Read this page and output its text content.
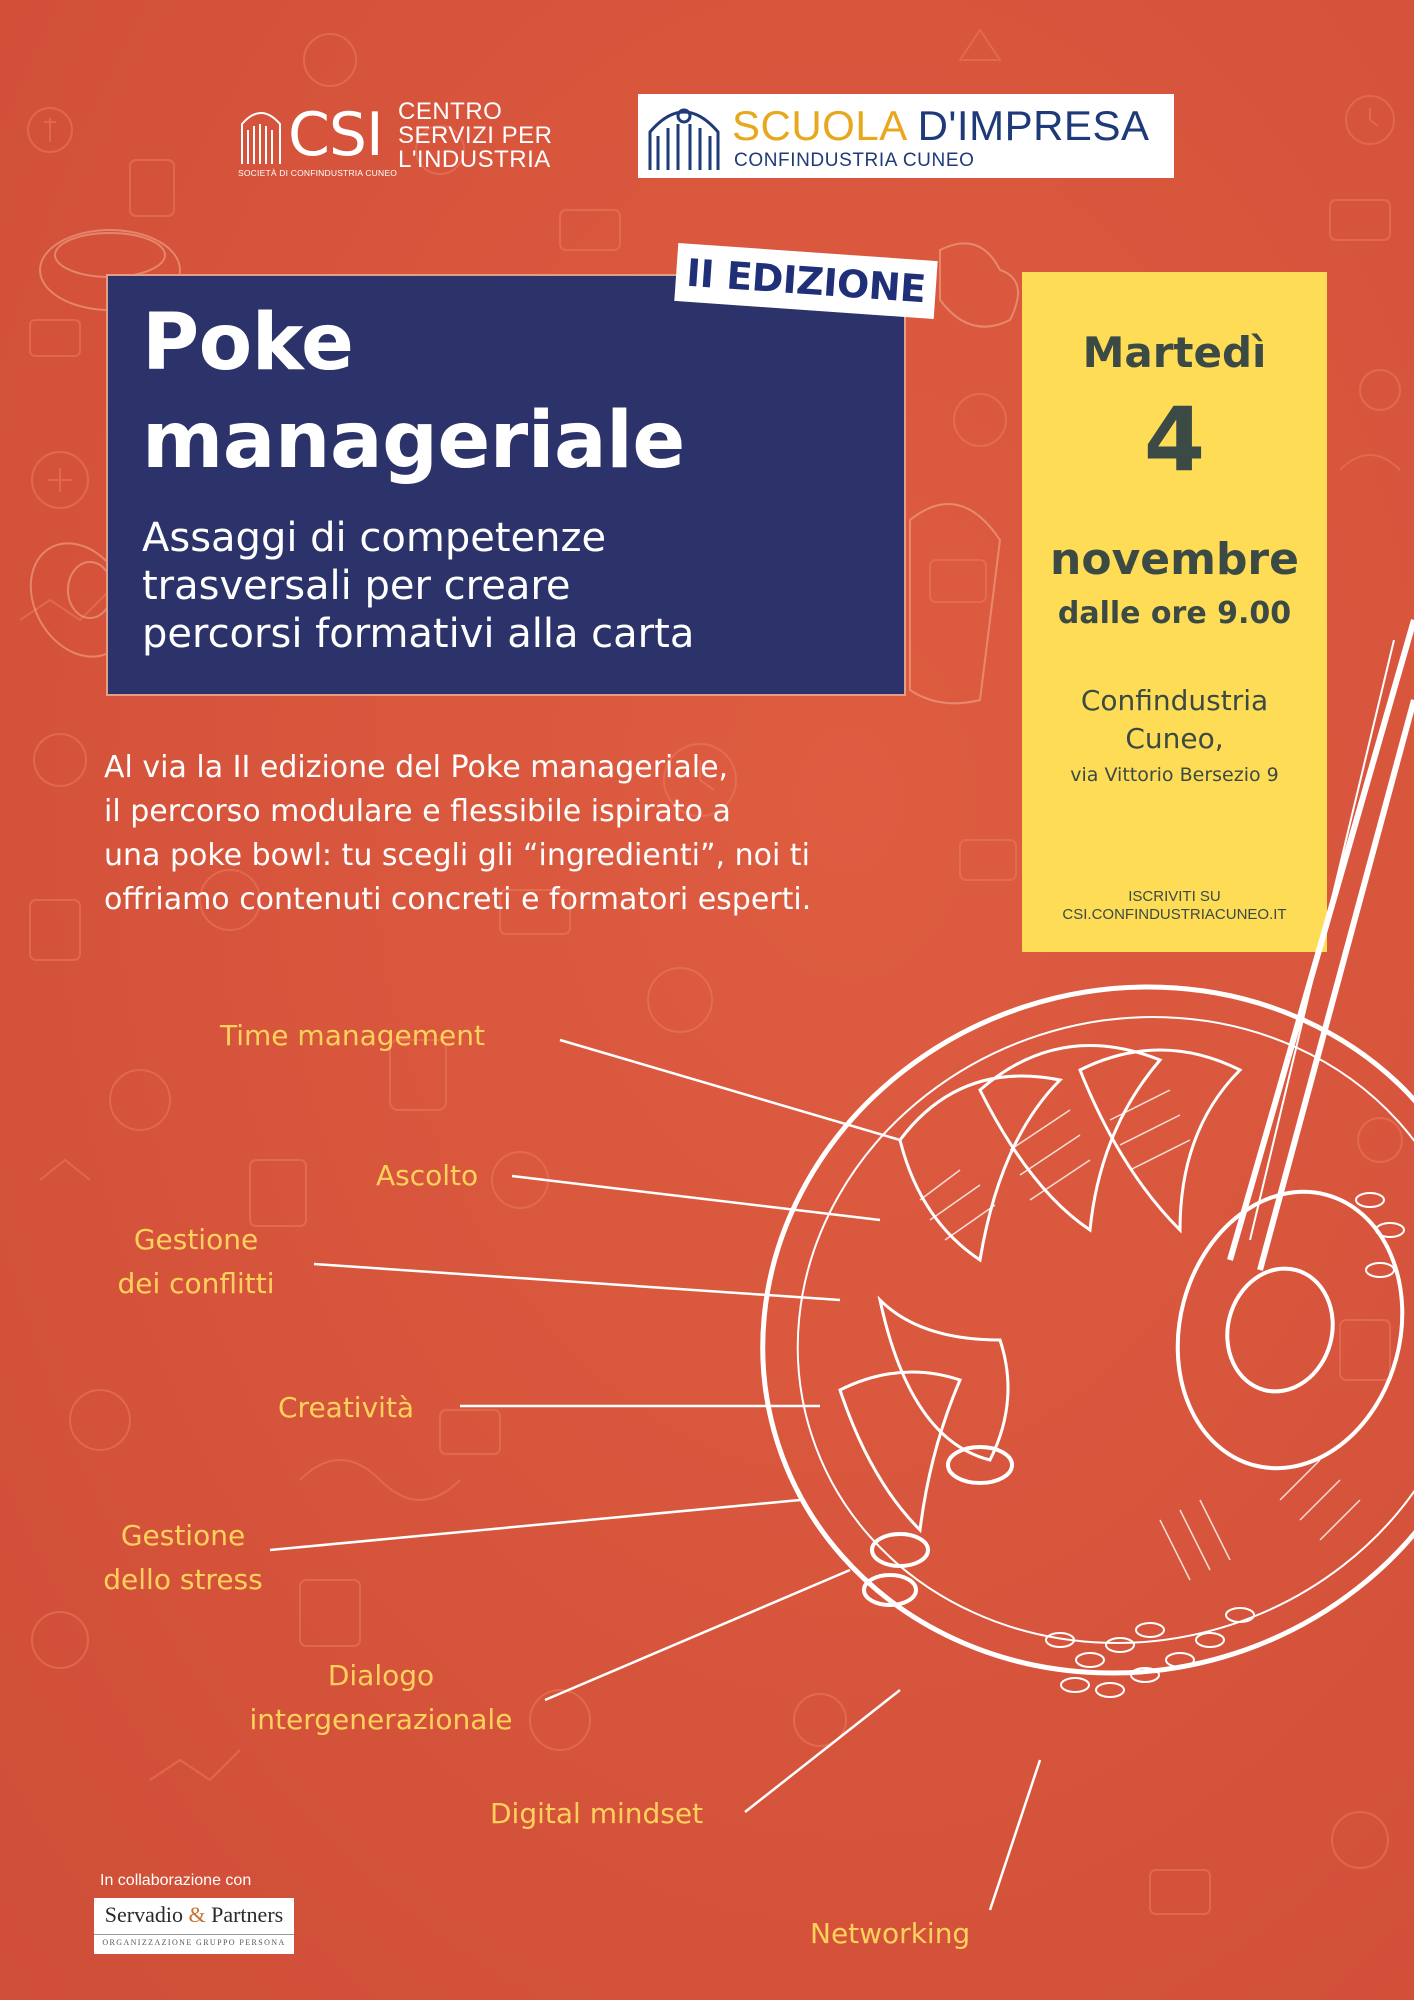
CSI CENTRO
SERVIZI PER
L'INDUSTRIA
SOCIETÀ DI CONFINDUSTRIA CUNEO
SCUOLA D'IMPRESA
CONFINDUSTRIA CUNEO
Poke
manageriale
Assaggi di competenze
trasversali per creare
percorsi formativi alla carta
II EDIZIONE
Martedì
4
novembre
dalle ore 9.00
Confindustria Cuneo,
via Vittorio Bersezio 9
ISCRIVITI SU
CSI.CONFINDUSTRIACUNEO.IT
Al via la II edizione del Poke manageriale,
il percorso modulare e flessibile ispirato a
una poke bowl: tu scegli gli “ingredienti”, noi ti
offriamo contenuti concreti e formatori esperti.
Time management
Ascolto
Gestione
dei conflitti
Creatività
Gestione
dello stress
Dialogo
intergenerazionale
Digital mindset
Networking
In collaborazione con
Servadio & Partners
ORGANIZZAZIONE GRUPPO PERSONA
